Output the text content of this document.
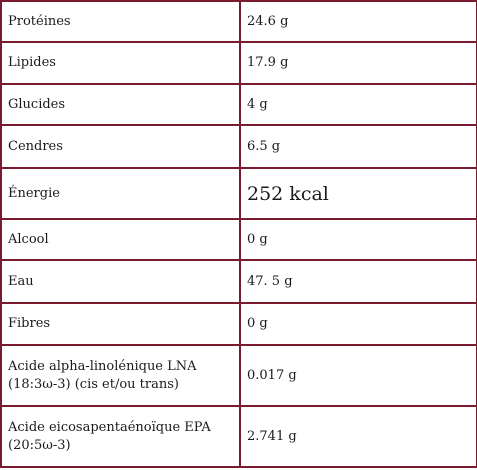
Protéines	24.6 g
Lipides	17.9 g
Glucides	4 g
Cendres	6.5 g
Énergie	252 kcal
Alcool	0 g
Eau	47. 5 g
Fibres	0 g
Acide alpha-linolénique LNA (18:3ω-3) (cis et/ou trans)	0.017 g
Acide eicosapentaénoïque EPA (20:5ω-3)	2.741 g
